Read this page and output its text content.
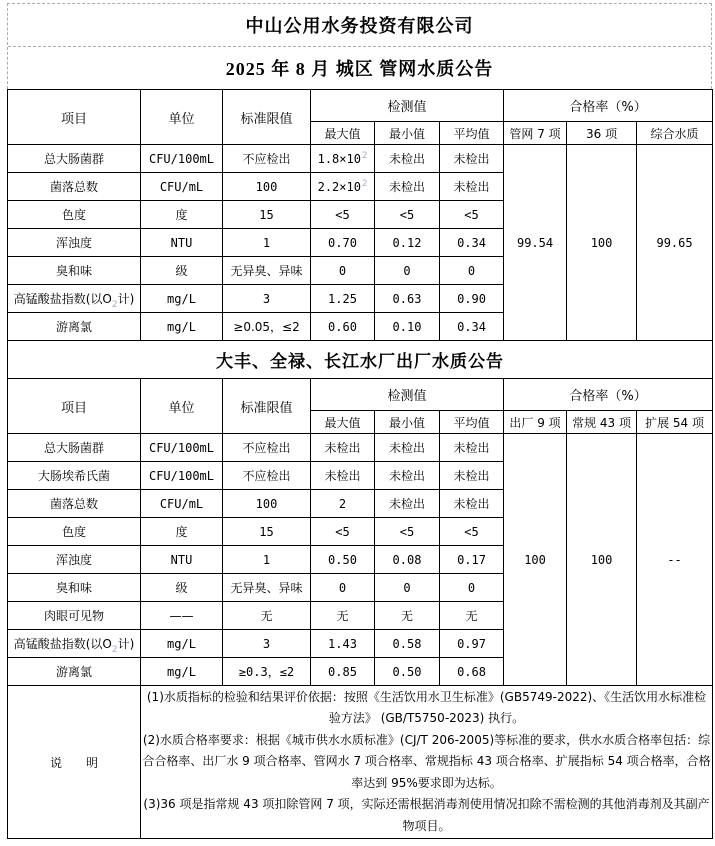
中山公用水务投资有限公司
2025 年 8 月 城区 管网水质公告
项目	单位	标准限值	检测值			合格率（%）		
			最大值	最小值	平均值	管网 7 项	36 项	综合水质
总大肠菌群	CFU/100mL	不应检出	$1.8\times 10^2$	未检出	未检出	99.54	100	99.65
菌落总数	CFU/mL	100	$2.2\times 10^2$	未检出	未检出			
色度	度	15	<5	<5	<5			
浑浊度	NTU	1	0.70	0.12	0.34			
臭和味	级	无异臭、异味	0	0	0			
高锰酸盐指数(以$O_2$计)	mg/L	3	1.25	0.63	0.90			
游离氯	mg/L	≥0.05，≤2	0.60	0.10	0.34			
大丰、全禄、长江水厂出厂水质公告								
项目	单位	标准限值	检测值			合格率（%）		
			最大值	最小值	平均值	出厂 9 项	常规 43 项	扩展 54 项
总大肠菌群	CFU/100mL	不应检出	未检出	未检出	未检出	100	100	--
大肠埃希氏菌	CFU/100mL	不应检出	未检出	未检出	未检出			
菌落总数	CFU/mL	100	2	未检出	未检出			
色度	度	15	<5	<5	<5			
浑浊度	NTU	1	0.50	0.08	0.17			
臭和味	级	无异臭、异味	0	0	0			
肉眼可见物	——	无	无	无	无			
高锰酸盐指数(以$O_2$计)	mg/L	3	1.43	0.58	0.97			
游离氯	mg/L	≥0.3，≤2	0.85	0.50	0.68			
说　　明	(1)水质指标的检验和结果评价依据：按照《生活饮用水卫生标准》(GB5749-2022)、《生活饮用水标准检验方法》 (GB/T5750-2023) 执行。
(2)水质合格率要求：根据《城市供水水质标准》(CJ/T 206-2005)等标准的要求，供水水质合格率包括：综合合格率、出厂水 9 项合格率、管网水 7 项合格率、常规指标 43 项合格率、扩展指标 54 项合格率，合格率达到 95%要求即为达标。
(3)36 项是指常规 43 项扣除管网 7 项，实际还需根据消毒剂使用情况扣除不需检测的其他消毒剂及其副产物项目。							
